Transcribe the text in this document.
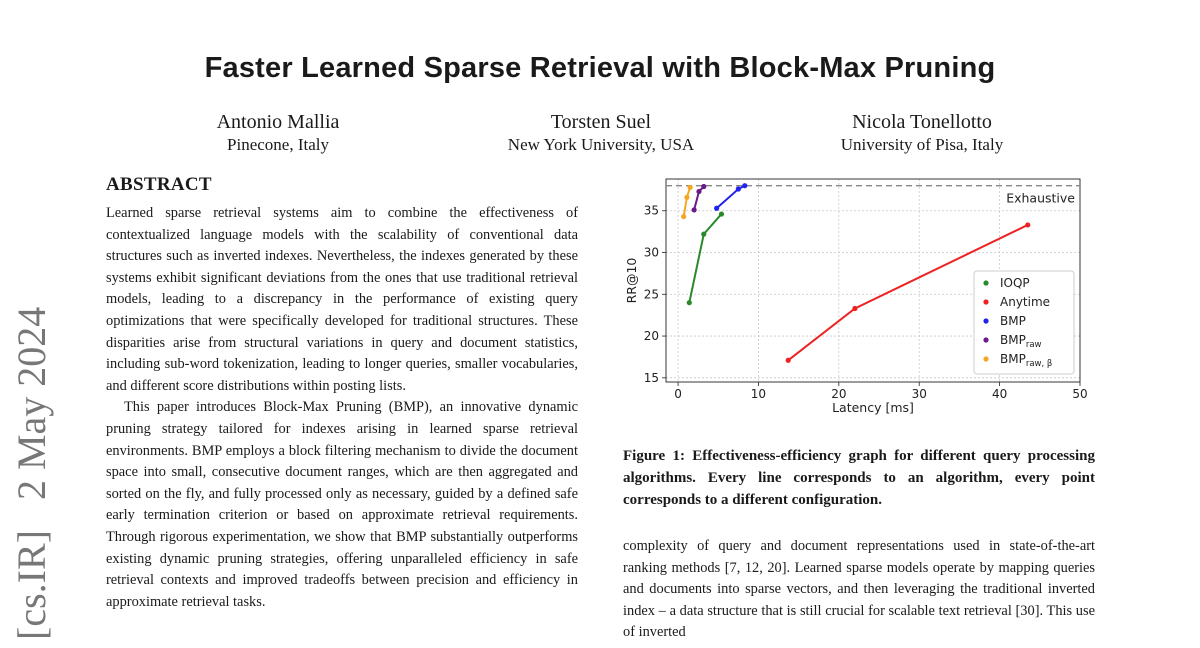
Faster Learned Sparse Retrieval with Block-Max Pruning
Antonio Mallia
Pinecone, Italy
Torsten Suel
New York University, USA
Nicola Tonellotto
University of Pisa, Italy
[cs.IR]   2 May 2024
ABSTRACT

Learned sparse retrieval systems aim to combine the effectiveness of contextualized language models with the scalability of conventional data structures such as inverted indexes. Nevertheless, the indexes generated by these systems exhibit significant deviations from the ones that use traditional retrieval models, leading to a discrepancy in the performance of existing query optimizations that were specifically developed for traditional structures. These disparities arise from structural variations in query and document statistics, including sub-word tokenization, leading to longer queries, smaller vocabularies, and different score distributions within posting lists.

This paper introduces Block-Max Pruning (BMP), an innovative dynamic pruning strategy tailored for indexes arising in learned sparse retrieval environments. BMP employs a block filtering mechanism to divide the document space into small, consecutive document ranges, which are then aggregated and sorted on the fly, and fully processed only as necessary, guided by a defined safe early termination criterion or based on approximate retrieval requirements. Through rigorous experimentation, we show that BMP substantially outperforms existing dynamic pruning strategies, offering unparalleled efficiency in safe retrieval contexts and improved tradeoffs between precision and efficiency in approximate retrieval tasks.

0	10	20	30	40	50
15
20
25
30
35
Exhaustive
Latency [ms]
RR@10	IOQP
Anytime
BMP
$BMP_{raw}$
$BMP_{raw, \beta}$
Figure 1: Effectiveness-efficiency graph for different query processing algorithms. Every line corresponds to an algorithm, every point corresponds to a different configuration.

complexity of query and document representations used in state-of-the-art ranking methods [7, 12, 20]. Learned sparse models operate by mapping queries and documents into sparse vectors, and then leveraging the traditional inverted index – a data structure that is still crucial for scalable text retrieval [30]. This use of inverted
